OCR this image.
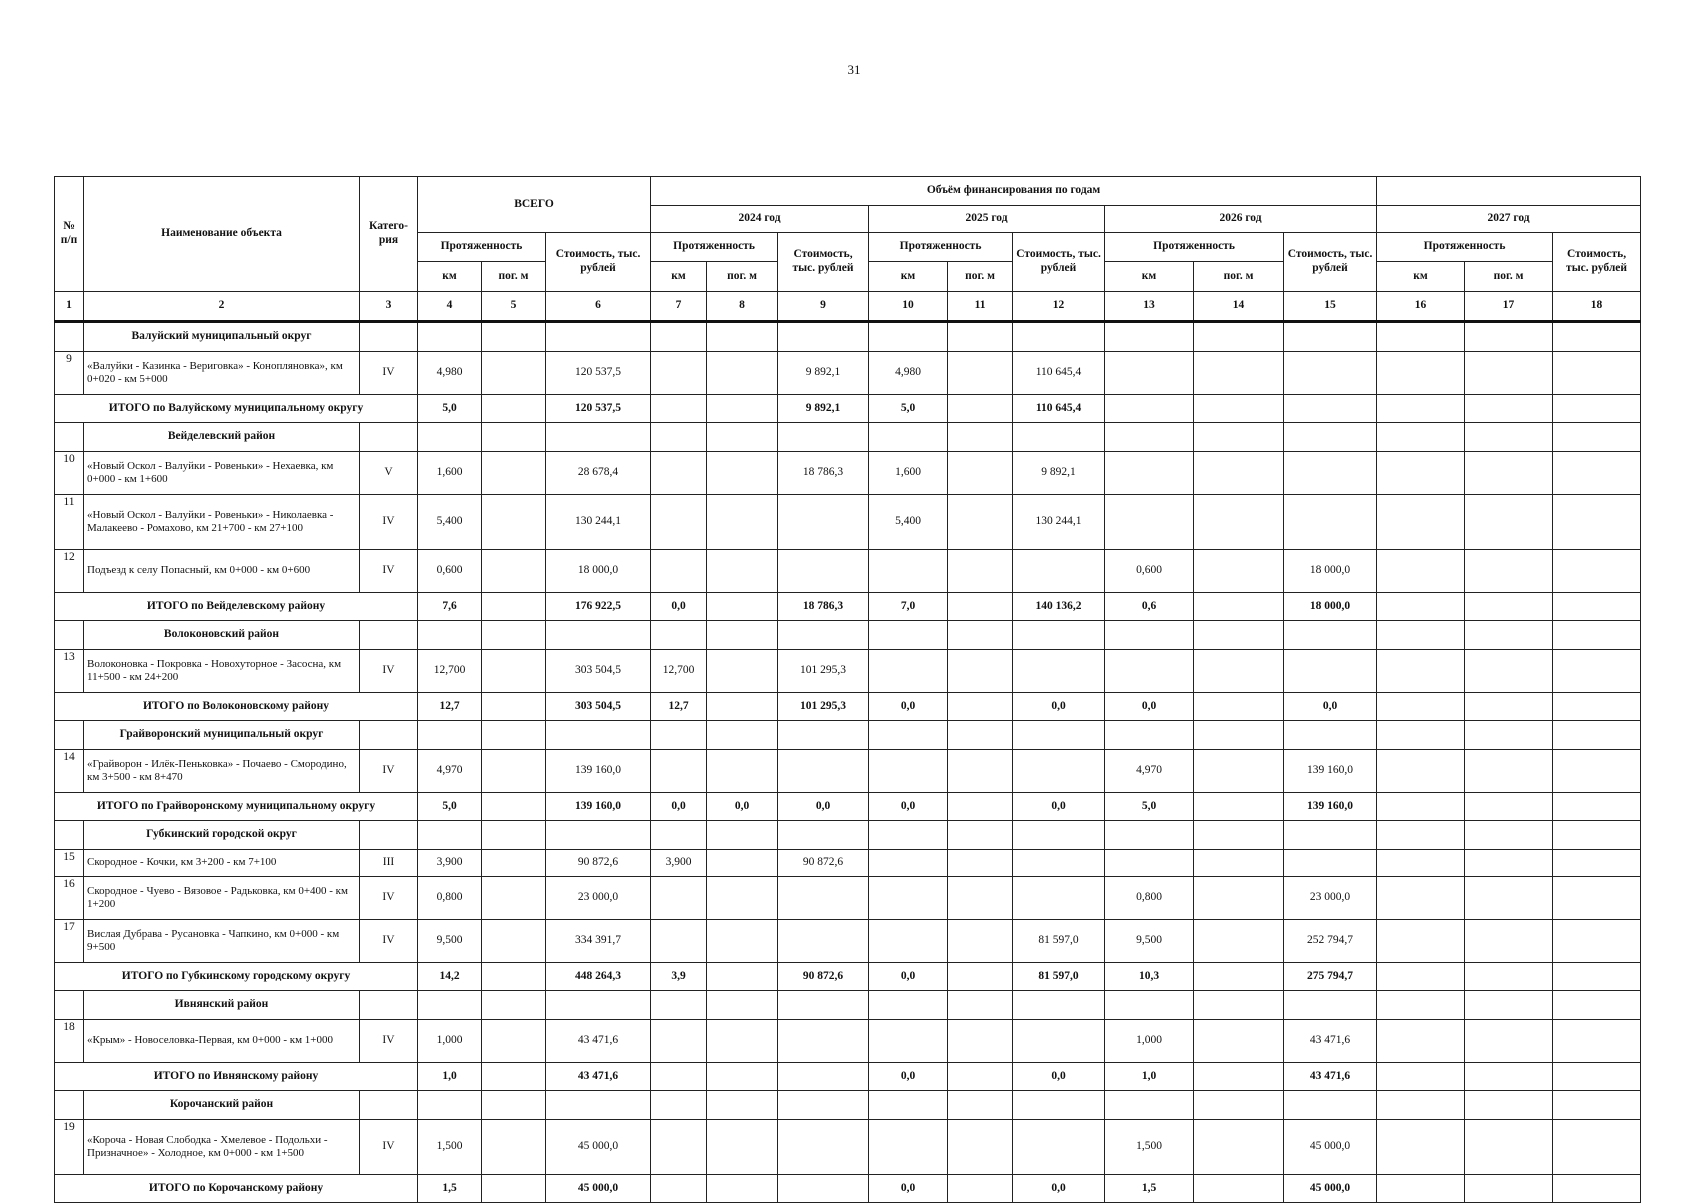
31
№ п/п	Наименование объекта	Катего-рия	ВСЕГО			Объём финансирования по годам											
						2024 год			2025 год			2026 год			2027 год		
			Протяженность		Стоимость, тыс. рублей	Протяженность		Стоимость, тыс. рублей	Протяженность		Стоимость, тыс. рублей	Протяженность		Стоимость, тыс. рублей	Протяженность		Стоимость, тыс. рублей
			км	пог. м		км	пог. м		км	пог. м		км	пог. м		км	пог. м	
1	2	3	4	5	6	7	8	9	10	11	12	13	14	15	16	17	18
	Валуйский муниципальный округ																
9	«Валуйки - Казинка - Вериговка» - Конопляновка», км 0+020 - км 5+000	IV	4,980		120 537,5			9 892,1	4,980		110 645,4						
ИТОГО по Валуйскому муниципальному округу			5,0		120 537,5			9 892,1	5,0		110 645,4						
	Вейделевский район																
10	«Новый Оскол - Валуйки - Ровеньки» - Нехаевка, км 0+000 - км 1+600	V	1,600		28 678,4			18 786,3	1,600		9 892,1						
11	«Новый Оскол - Валуйки - Ровеньки» - Николаевка - Малакеево - Ромахово, км 21+700 - км 27+100	IV	5,400		130 244,1				5,400		130 244,1						
12	Подъезд к селу Попасный, км 0+000 - км 0+600	IV	0,600		18 000,0							0,600		18 000,0			
ИТОГО по Вейделевскому району			7,6		176 922,5	0,0		18 786,3	7,0		140 136,2	0,6		18 000,0			
	Волоконовский район																
13	Волоконовка - Покровка - Новохуторное - Засосна, км 11+500 - км 24+200	IV	12,700		303 504,5	12,700		101 295,3									
ИТОГО по Волоконовскому району			12,7		303 504,5	12,7		101 295,3	0,0		0,0	0,0		0,0			
	Грайворонский муниципальный округ																
14	«Грайворон - Илёк-Пеньковка» - Почаево - Смородино, км 3+500 - км 8+470	IV	4,970		139 160,0							4,970		139 160,0			
ИТОГО по Грайворонскому муниципальному округу			5,0		139 160,0	0,0	0,0	0,0	0,0		0,0	5,0		139 160,0			
	Губкинский городской округ																
15	Скородное - Кочки, км 3+200 - км 7+100	III	3,900		90 872,6	3,900		90 872,6									
16	Скородное - Чуево - Вязовое - Радьковка, км 0+400 - км 1+200	IV	0,800		23 000,0							0,800		23 000,0			
17	Вислая Дубрава - Русановка - Чапкино, км 0+000 - км 9+500	IV	9,500		334 391,7						81 597,0	9,500		252 794,7			
ИТОГО по Губкинскому городскому округу			14,2		448 264,3	3,9		90 872,6	0,0		81 597,0	10,3		275 794,7			
	Ивнянский район																
18	«Крым» - Новоселовка-Первая, км 0+000 - км 1+000	IV	1,000		43 471,6							1,000		43 471,6			
ИТОГО по Ивнянскому району			1,0		43 471,6				0,0		0,0	1,0		43 471,6			
	Корочанский район																
19	«Короча - Новая Слободка - Хмелевое - Подольхи - Призначное» - Холодное, км 0+000 - км 1+500	IV	1,500		45 000,0							1,500		45 000,0			
ИТОГО по Корочанскому району			1,5		45 000,0				0,0		0,0	1,5		45 000,0			
